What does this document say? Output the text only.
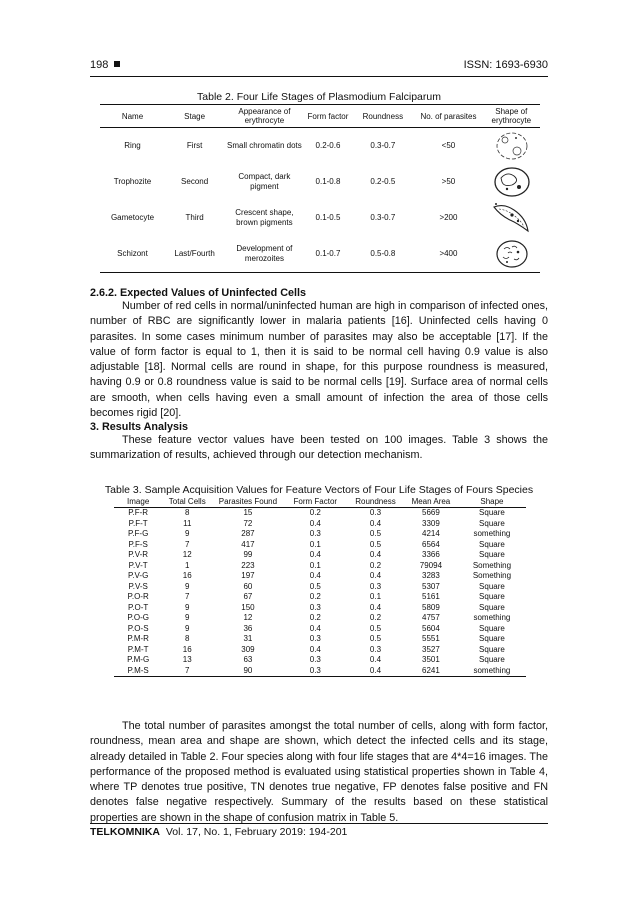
198	ISSN: 1693-6930
Table 2. Four Life Stages of Plasmodium Falciparum
Name	Stage	Appearance of erythrocyte	Form factor	Roundness	No. of parasites	Shape of erythrocyte
Ring	First	Small chromatin dots	0.2-0.6	0.3-0.7	<50	
Trophozite	Second	Compact, dark pigment	0.1-0.8	0.2-0.5	>50	
Gametocyte	Third	Crescent shape, brown pigments	0.1-0.5	0.3-0.7	>200	
Schizont	Last/Fourth	Development of merozoites	0.1-0.7	0.5-0.8	>400	
2.6.2. Expected Values of Uninfected Cells

Number of red cells in normal/uninfected human are high in comparison of infected ones, number of RBC are significantly lower in malaria patients [16]. Uninfected cells having 0 parasites. In some cases minimum number of parasites may also be acceptable [17]. If the value of form factor is equal to 1, then it is said to be normal cell having 0.9 value is also adjustable [18]. Normal cells are round in shape, for this purpose roundness is measured, having 0.9 or 0.8 roundness value is said to be normal cells [19]. Surface area of normal cells are smooth, when cells having even a small amount of infection the area of those cells becomes rigid [20].

3. Results Analysis

These feature vector values have been tested on 100 images. Table 3 shows the summarization of results, achieved through our detection mechanism.

Table 3. Sample Acquisition Values for Feature Vectors of Four Life Stages of Fours Species
Image	Total Cells	Parasites Found	Form Factor	Roundness	Mean Area	Shape
P.F-R	8	15	0.2	0.3	5669	Square
P.F-T	11	72	0.4	0.4	3309	Square
P.F-G	9	287	0.3	0.5	4214	something
P.F-S	7	417	0.1	0.5	6564	Square
P.V-R	12	99	0.4	0.4	3366	Square
P.V-T	1	223	0.1	0.2	79094	Something
P.V-G	16	197	0.4	0.4	3283	Something
P.V-S	9	60	0.5	0.3	5307	Square
P.O-R	7	67	0.2	0.1	5161	Square
P.O-T	9	150	0.3	0.4	5809	Square
P.O-G	9	12	0.2	0.2	4757	something
P.O-S	9	36	0.4	0.5	5604	Square
P.M-R	8	31	0.3	0.5	5551	Square
P.M-T	16	309	0.4	0.3	3527	Square
P.M-G	13	63	0.3	0.4	3501	Square
P.M-S	7	90	0.3	0.4	6241	something

The total number of parasites amongst the total number of cells, along with form factor, roundness, mean area and shape are shown, which detect the infected cells and its stage, already detailed in Table 2. Four species along with four life stages that are 4*4=16 images. The performance of the proposed method is evaluated using statistical properties shown in Table 4, where TP denotes true positive, TN denotes true negative, FP denotes false positive and FN denotes false negative respectively. Summary of the results based on these statistical properties are shown in the shape of confusion matrix in Table 5.

TELKOMNIKA Vol. 17, No. 1, February 2019: 194-201
